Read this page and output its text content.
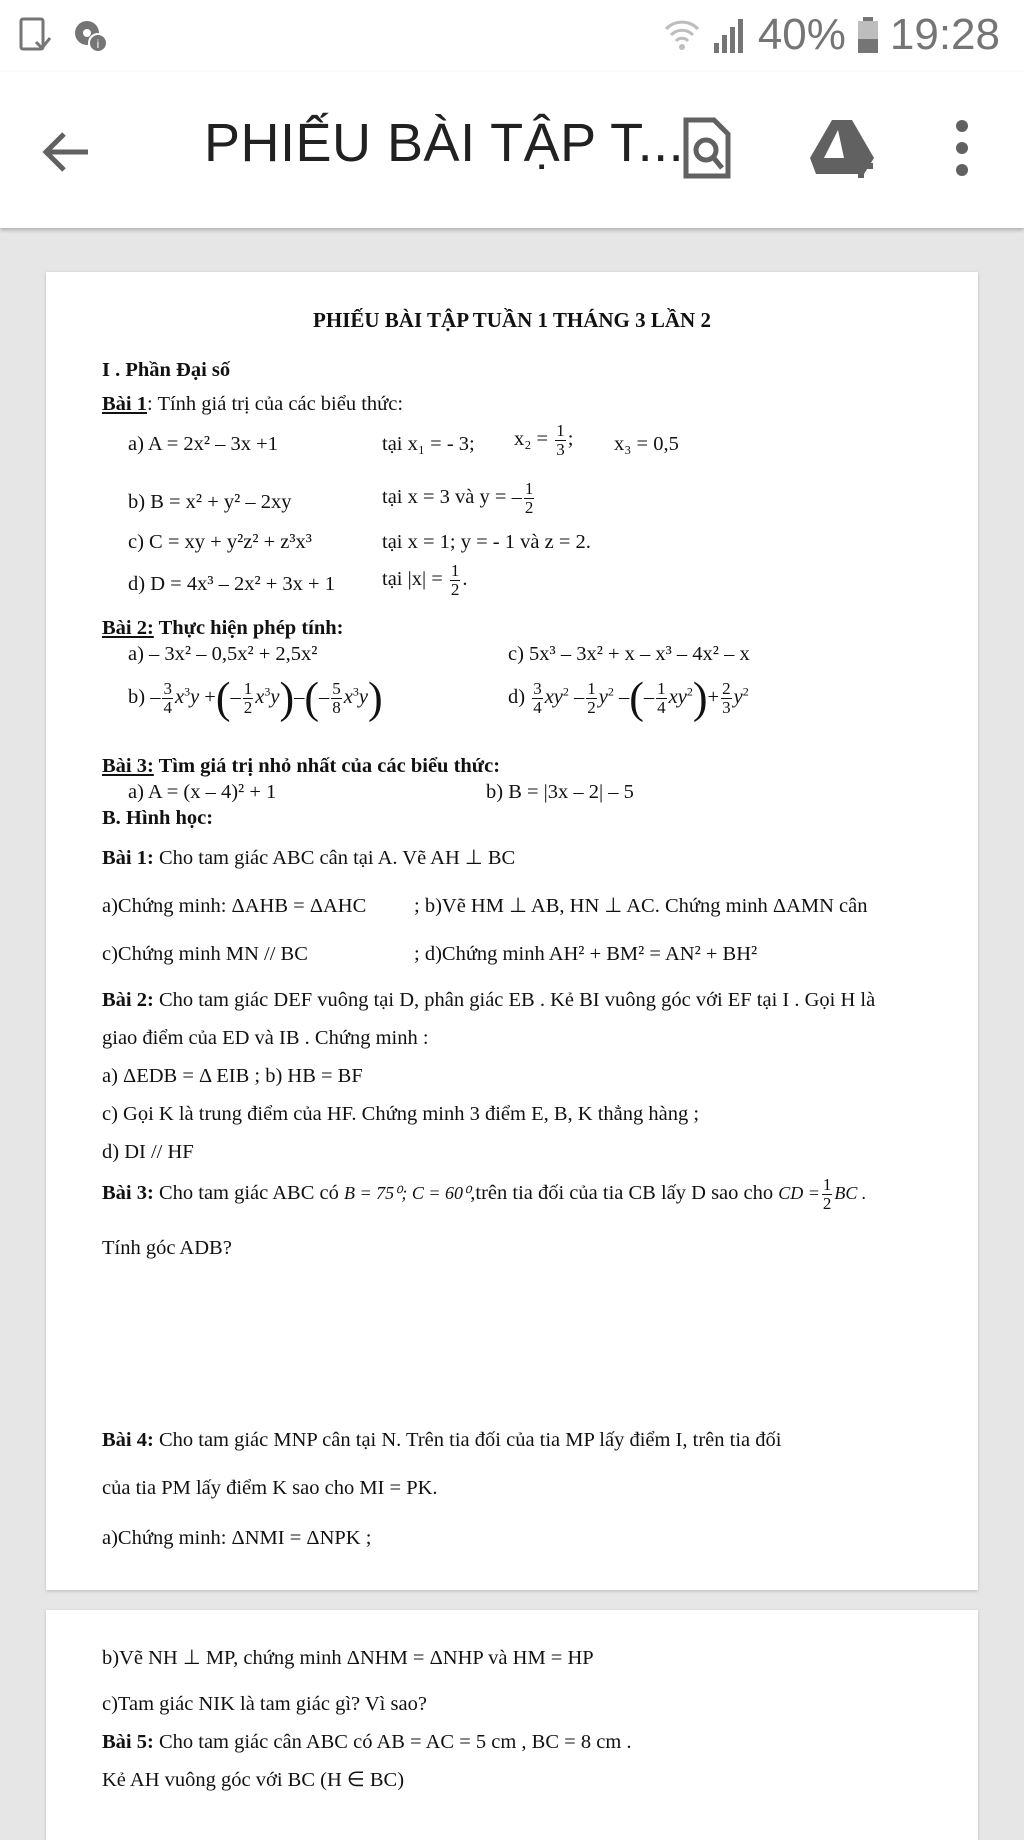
i	40% 19:28
PHIẾU BÀI TẬP T...
PHIẾU BÀI TẬP TUẦN 1 THÁNG 3 LẦN 2
I . Phần Đại số
Bài 1: Tính giá trị của các biểu thức:
a) A = 2x² – 3x +1	tại x₁ = - 3; $x_2 = \frac{1}{3}$ ; x₃ = 0,5
b) B = x² + y² – 2xy	tại x = 3 và y = – $\frac{1}{2}$
c) C = xy + y²z² + z³x³	tại x = 1; y = - 1 và z = 2.
d) D = 4x³ – 2x² + 3x + 1 tại $|x| = \frac{1}{2}$ .
Bài 2: Thực hiện phép tính:
a) – 3x² – 0,5x² + 2,5x²	c) 5x³ – 3x² + x – x³ – 4x² – x
$b) - \frac{3}{4} x^3y$ +(– $\frac{1}{2} x^3y)-(- \frac{5}{8} x^3y)$	$d) \frac{3}{4} xy^2 - \frac{1}{2} y^2$ –(– $\frac{1}{4} xy^2)+ \frac{2}{3} y^2$
Bài 3: Tìm giá trị nhỏ nhất của các biểu thức:
a) A = (x – 4)² + 1	b) B = |3x – 2| – 5
B. Hình học:
Bài 1: Cho tam giác ABC cân tại A. Vẽ AH ⊥ BC
a)Chứng minh: ΔAHB = ΔAHC ; b)Vẽ HM ⊥ AB, HN ⊥ AC. Chứng minh ΔAMN cân
c)Chứng minh MN // BC	; d)Chứng minh AH² + BM² = AN² + BH²
Bài 2: Cho tam giác DEF vuông tại D, phân giác EB . Kẻ BI vuông góc với EF tại I . Gọi H là
giao điểm của ED và IB . Chứng minh :
a) ΔEDB = Δ EIB ; b) HB = BF
c) Gọi K là trung điểm của HF. Chứng minh 3 điểm E, B, K thẳng hàng ;
d) DI // HF
Bài 3: Cho tam giác ABC có B = 75⁰; C = 60⁰,trên tia đối của tia CB lấy D sao cho CD = $\frac{1}{2}$ BC .
Tính góc ADB?
Bài 4: Cho tam giác MNP cân tại N. Trên tia đối của tia MP lấy điểm I, trên tia đối
của tia PM lấy điểm K sao cho MI = PK.
a)Chứng minh: ΔNMI = ΔNPK ;
b)Vẽ NH ⊥ MP, chứng minh ΔNHM = ΔNHP và HM = HP
c)Tam giác NIK là tam giác gì? Vì sao?
Bài 5: Cho tam giác cân ABC có AB = AC = 5 cm , BC = 8 cm .
Kẻ AH vuông góc với BC (H ∈ BC)
